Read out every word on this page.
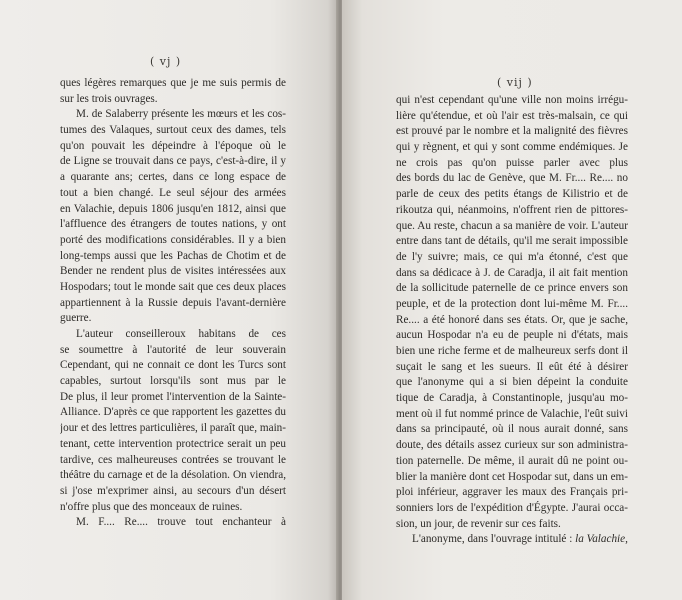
( vj )
ques légères remarques que je me suis permis de
sur les trois ouvrages.
M. de Salaberry présente les mœurs et les cos-
tumes des Valaques, surtout ceux des dames, tels
qu'on pouvait les dépeindre à l'époque où le
de Ligne se trouvait dans ce pays, c'est-à-dire, il y
a quarante ans; certes, dans ce long espace de
tout a bien changé. Le seul séjour des armées
en Valachie, depuis 1806 jusqu'en 1812, ainsi que
l'affluence des étrangers de toutes nations, y ont
porté des modifications considérables. Il y a bien
long-temps aussi que les Pachas de Chotim et de
Bender ne rendent plus de visites intéressées aux
Hospodars; tout le monde sait que ces deux places
appartiennent à la Russie depuis l'avant-dernière
guerre.
L'auteur conseilleroux habitans de ces
se soumettre à l'autorité de leur souverain
Cependant, qui ne connait ce dont les Turcs sont
capables, surtout lorsqu'ils sont mus par le
De plus, il leur promet l'intervention de la Sainte-
Alliance. D'après ce que rapportent les gazettes du
jour et des lettres particulières, il paraît que, main-
tenant, cette intervention protectrice serait un peu
tardive, ces malheureuses contrées se trouvant le
théâtre du carnage et de la désolation. On viendra,
si j'ose m'exprimer ainsi, au secours d'un désert
n'offre plus que des monceaux de ruines.
M. F.... Re.... trouve tout enchanteur à
( vij )
qui n'est cependant qu'une ville non moins irrégu-
lière qu'étendue, et où l'air est très-malsain, ce qui
est prouvé par le nombre et la malignité des fièvres
qui y règnent, et qui y sont comme endémiques. Je
ne crois pas qu'on puisse parler avec plus
des bords du lac de Genève, que M. Fr.... Re.... no
parle de ceux des petits étangs de Kilistrio et de
rikoutza qui, néanmoins, n'offrent rien de pittores-
que. Au reste, chacun a sa manière de voir. L'auteur
entre dans tant de détails, qu'il me serait impossible
de l'y suivre; mais, ce qui m'a étonné, c'est que
dans sa dédicace à J. de Caradja, il ait fait mention
de la sollicitude paternelle de ce prince envers son
peuple, et de la protection dont lui-même M. Fr....
Re.... a été honoré dans ses états. Or, que je sache,
aucun Hospodar n'a eu de peuple ni d'états, mais
bien une riche ferme et de malheureux serfs dont il
suçait le sang et les sueurs. Il eût été à désirer
que l'anonyme qui a si bien dépeint la conduite
tique de Caradja, à Constantinople, jusqu'au mo-
ment où il fut nommé prince de Valachie, l'eût suivi
dans sa principauté, où il nous aurait donné, sans
doute, des détails assez curieux sur son administra-
tion paternelle. De même, il aurait dû ne point ou-
blier la manière dont cet Hospodar sut, dans un em-
ploi inférieur, aggraver les maux des Français pri-
sonniers lors de l'expédition d'Égypte. J'aurai occa-
sion, un jour, de revenir sur ces faits.
L'anonyme, dans l'ouvrage intitulé : la Valachie,
